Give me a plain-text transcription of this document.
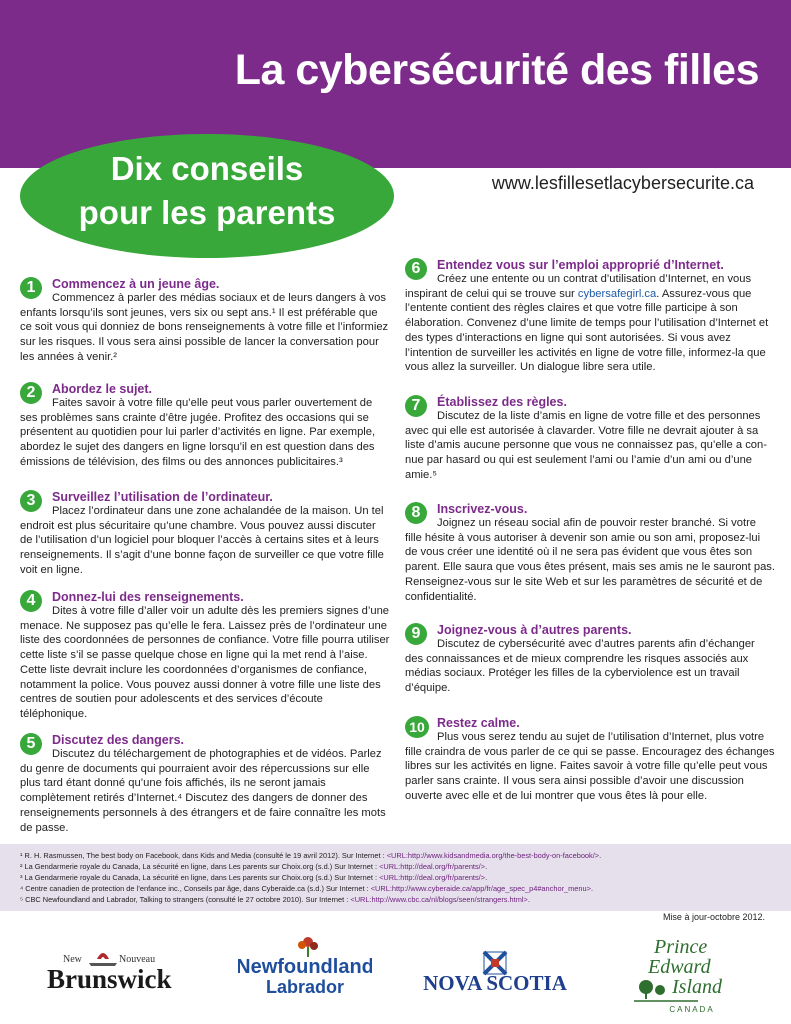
La cybersécurité des filles
Dix conseils
pour les parents
www.lesfillesetlacybersecurite.ca
1	Commencez à un jeune âge.
Commencez à parler des médias sociaux et de leurs dangers à vos enfants lorsqu’ils sont jeunes, vers six ou sept ans.¹ Il est préférable que ce soit vous qui donniez de bons renseignements à votre fille et l’informiez sur les risques. Il vous sera ainsi possible de lancer la conversation pour les années à venir.²
2	Abordez le sujet.
Faites savoir à votre fille qu’elle peut vous parler ouvertement de ses problèmes sans crainte d’être jugée. Profitez des occasions qui se présentent au quotidien pour lui parler d’activités en ligne. Par exemple, abordez le sujet des dangers en ligne lorsqu’il en est question dans des émissions de télévision, des films ou des annonces publicitaires.³
3	Surveillez l’utilisation de l’ordinateur.
Placez l’ordinateur dans une zone achalandée de la maison. Un tel endroit est plus sécuritaire qu’une chambre. Vous pouvez aussi discuter de l’utilisation d’un logiciel pour bloquer l’accès à certains sites et à leurs renseignements. Il s’agit d’une bonne façon de surveiller ce que votre fille voit en ligne.
4	Donnez-lui des renseignements.
Dites à votre fille d’aller voir un adulte dès les premiers signes d’une menace. Ne supposez pas qu’elle le fera. Laissez près de l’ordinateur une liste des coordonnées de personnes de confiance. Votre fille pourra utiliser cette liste s’il se passe quelque chose en ligne qui la met rend à l’aise. Cette liste devrait inclure les coordonnées d’organismes de confiance, notamment la police. Vous pouvez aussi donner à votre fille une liste des centres de soutien pour adolescents et des services d’écoute téléphonique.
5	Discutez des dangers.
Discutez du téléchargement de photographies et de vidéos. Parlez du genre de documents qui pourraient avoir des répercussions sur elle plus tard étant donné qu’une fois affichés, ils ne seront jamais complètement retirés d’Internet.⁴ Discutez des dangers de donner des renseignements personnels à des étrangers et de faire connaître les mots de passe.
6	Entendez vous sur l’emploi approprié d’Internet.
Créez une entente ou un contrat d’utilisation d’Internet, en vous inspirant de celui qui se trouve sur cybersafegirl.ca. Assurez-vous que l’entente contient des règles claires et que votre fille participe à son élaboration. Convenez d’une limite de temps pour l’utilisation d’Internet et des types d’interactions en ligne qui sont autorisées. Si vous avez l’intention de surveiller les activités en ligne de votre fille, informez-la que vous allez la surveiller. Un dialogue libre sera utile.
7	Établissez des règles.
Discutez de la liste d’amis en ligne de votre fille et des personnes avec qui elle est autorisée à clavarder. Votre fille ne devrait ajouter à sa liste d’amis aucune personne que vous ne connaissez pas, qu’elle a con-nue par hasard ou qui est seulement l’ami ou l’amie d’un ami ou d’une amie.⁵
8	Inscrivez-vous.
Joignez un réseau social afin de pouvoir rester branché. Si votre fille hésite à vous autoriser à devenir son amie ou son ami, proposez-lui de vous créer une identité où il ne sera pas évident que vous êtes son parent. Elle saura que vous êtes présent, mais ses amis ne le sauront pas. Renseignez-vous sur le site Web et sur les paramètres de sécurité et de confidentialité.
9	Joignez-vous à d’autres parents.
Discutez de cybersécurité avec d’autres parents afin d’échanger des connaissances et de mieux comprendre les risques associés aux médias sociaux. Protéger les filles de la cyberviolence est un travail d’équipe.
10 Restez calme.
Plus vous serez tendu au sujet de l’utilisation d’Internet, plus votre fille craindra de vous parler de ce qui se passe. Encouragez des échanges libres sur les activités en ligne. Faites savoir à votre fille qu’elle peut vous parler sans crainte. Il vous sera ainsi possible d’avoir une discussion ouverte avec elle et de lui montrer que vous êtes là pour elle.
¹ R. H. Rasmussen, The best body on Facebook, dans Kids and Media (consulté le 19 avril 2012). Sur Internet : <URL:http://www.kidsandmedia.org/the-best-body-on-facebook/>.
² La Gendarmerie royale du Canada, La sécurité en ligne, dans Les parents sur Choix.org (s.d.) Sur Internet : <URL:http://deal.org/fr/parents/>.
³ La Gendarmerie royale du Canada, La sécurité en ligne, dans Les parents sur Choix.org (s.d.) Sur Internet : <URL:http://deal.org/fr/parents/>.
⁴ Centre canadien de protection de l’enfance inc., Conseils par âge, dans Cyberaide.ca (s.d.) Sur Internet : <URL:http://www.cyberaide.ca/app/fr/age_spec_p4#anchor_menu>.
⁵ CBC Newfoundland and Labrador, Talking to strangers (consulté le 27 octobre 2010). Sur Internet : <URL:http://www.cbc.ca/nl/blogs/seen/strangers.html>.
Mise à jour-octobre 2012.
New	Nouveau
Brunswick	Newfoundland
Labrador	NOVA SCOTIA
Prince
Edward
Island
CANADA
